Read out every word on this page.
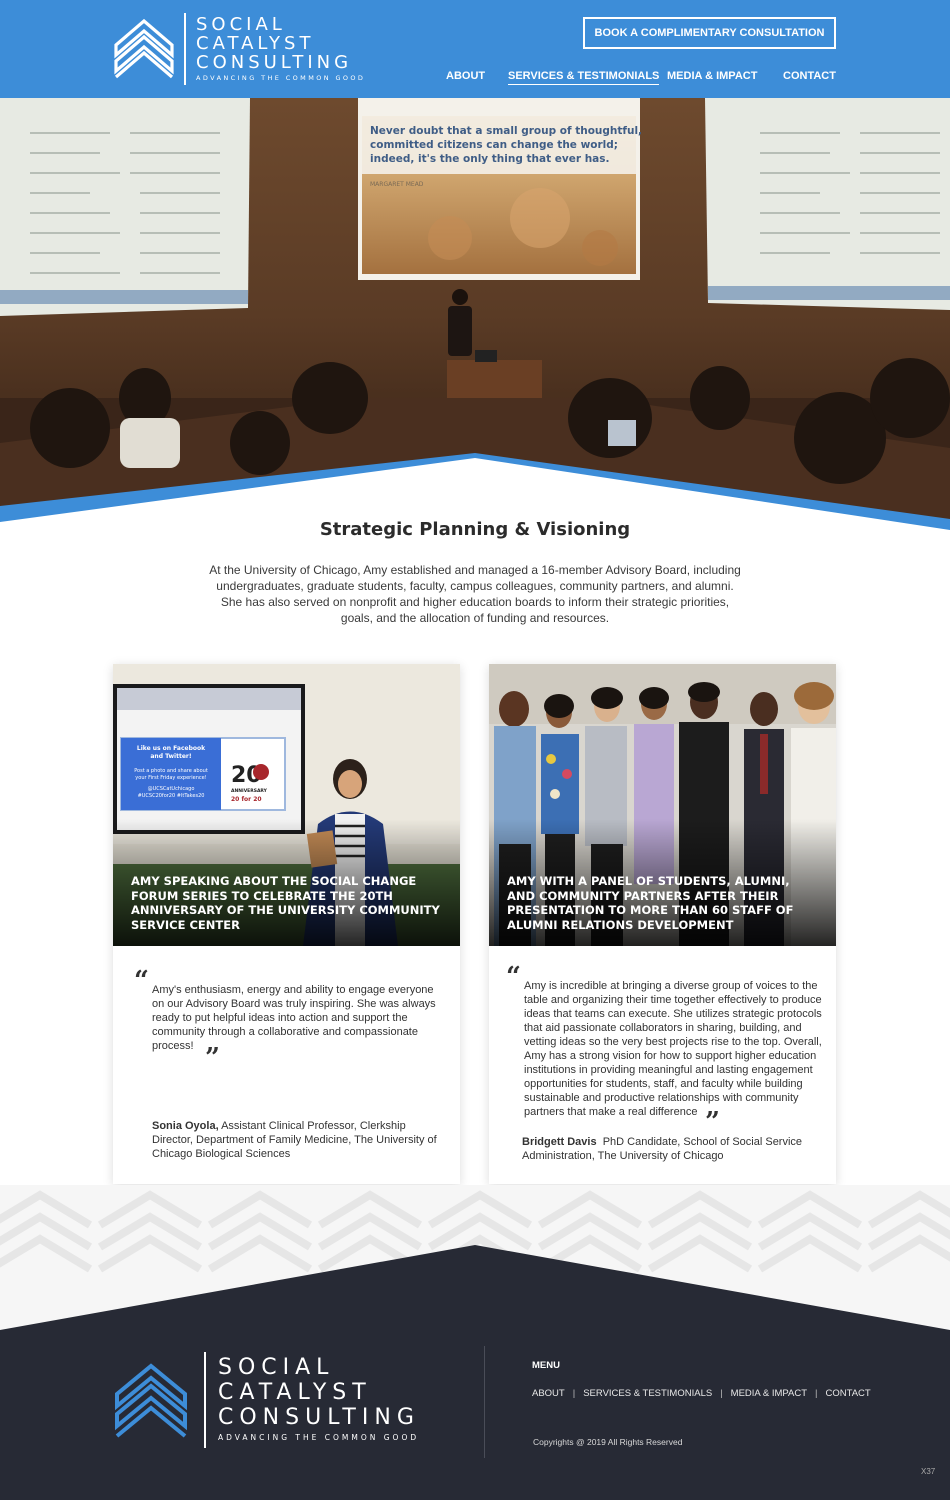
SOCIAL
CATALYST
CONSULTING
ADVANCING THE COMMON GOOD
BOOK A COMPLIMENTARY CONSULTATION
ABOUT SERVICES & TESTIMONIALS MEDIA & IMPACT CONTACT
Never doubt that a small group of thoughtful,
committed citizens can change the world;
indeed, it's the only thing that ever has.
MARGARET MEAD
Strategic Planning & Visioning

At the University of Chicago, Amy established and managed a 16-member Advisory Board, including undergraduates, graduate students, faculty, campus colleagues, community partners, and alumni. She has also served on nonprofit and higher education boards to inform their strategic priorities, goals, and the allocation of funding and resources.

AMY SPEAKING ABOUT THE SOCIAL CHANGE FORUM SERIES TO CELEBRATE THE 20TH ANNIVERSARY OF THE UNIVERSITY COMMUNITY SERVICE CENTER
“ Amy's enthusiasm, energy and ability to engage everyone on our Advisory Board was truly inspiring. She was always ready to put helpful ideas into action and support the community through a collaborative and compassionate process! ”

Sonia Oyola, Assistant Clinical Professor, Clerkship Director, Department of Family Medicine, The University of Chicago Biological Sciences

AMY WITH A PANEL OF STUDENTS, ALUMNI, AND COMMUNITY PARTNERS AFTER THEIR PRESENTATION TO MORE THAN 60 STAFF OF ALUMNI RELATIONS DEVELOPMENT
“ Amy is incredible at bringing a diverse group of voices to the table and organizing their time together effectively to produce ideas that teams can execute. She utilizes strategic protocols that aid passionate collaborators in sharing, building, and vetting ideas so the very best projects rise to the top. Overall, Amy has a strong vision for how to support higher education institutions in providing meaningful and lasting engagement opportunities for students, staff, and faculty while building sustainable and productive relationships with community partners that make a real difference ”

Bridgett Davis PhD Candidate, School of Social Service Administration, The University of Chicago

SOCIAL
CATALYST
CONSULTING
ADVANCING THE COMMON GOOD
MENU
ABOUT | SERVICES & TESTIMONIALS | MEDIA & IMPACT | CONTACT
Copyrights @ 2019 All Rights Reserved
X37
